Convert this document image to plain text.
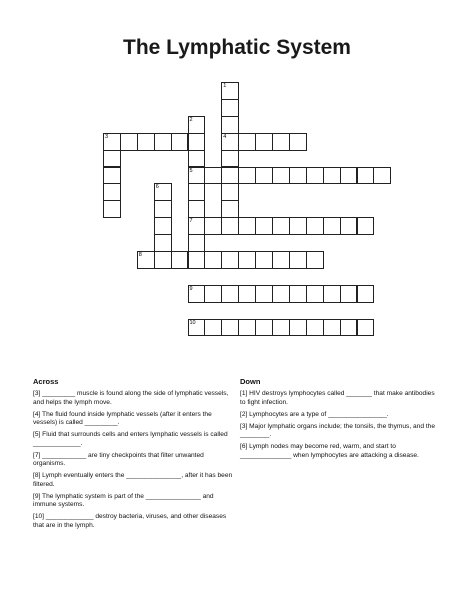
The Lymphatic System
1
4
2
5
7
3
6
8
9
10
Across	Down
[3] _________ muscle is found along the side of lymphatic vessels, and helps the lymph move.
[4] The fluid found inside lymphatic vessels (after it enters the vessels) is called _________.
[5] Fluid that surrounds cells and enters lymphatic vessels is called _____________.
[7] ____________ are tiny checkpoints that filter unwanted organisms.
[8] Lymph eventually enters the _______________, after it has been filtered.
[9] The lymphatic system is part of the _______________ and immune systems.
[10] _____________ destroy bacteria, viruses, and other diseases that are in the lymph.
[1] HIV destroys lymphocytes called _______ that make antibodies to fight infection.
[2] Lymphocytes are a type of ________________.
[3] Major lymphatic organs include; the tonsils, the thymus, and the ________.
[6] Lymph nodes may become red, warm, and start to ______________ when lymphocytes are attacking a disease.
